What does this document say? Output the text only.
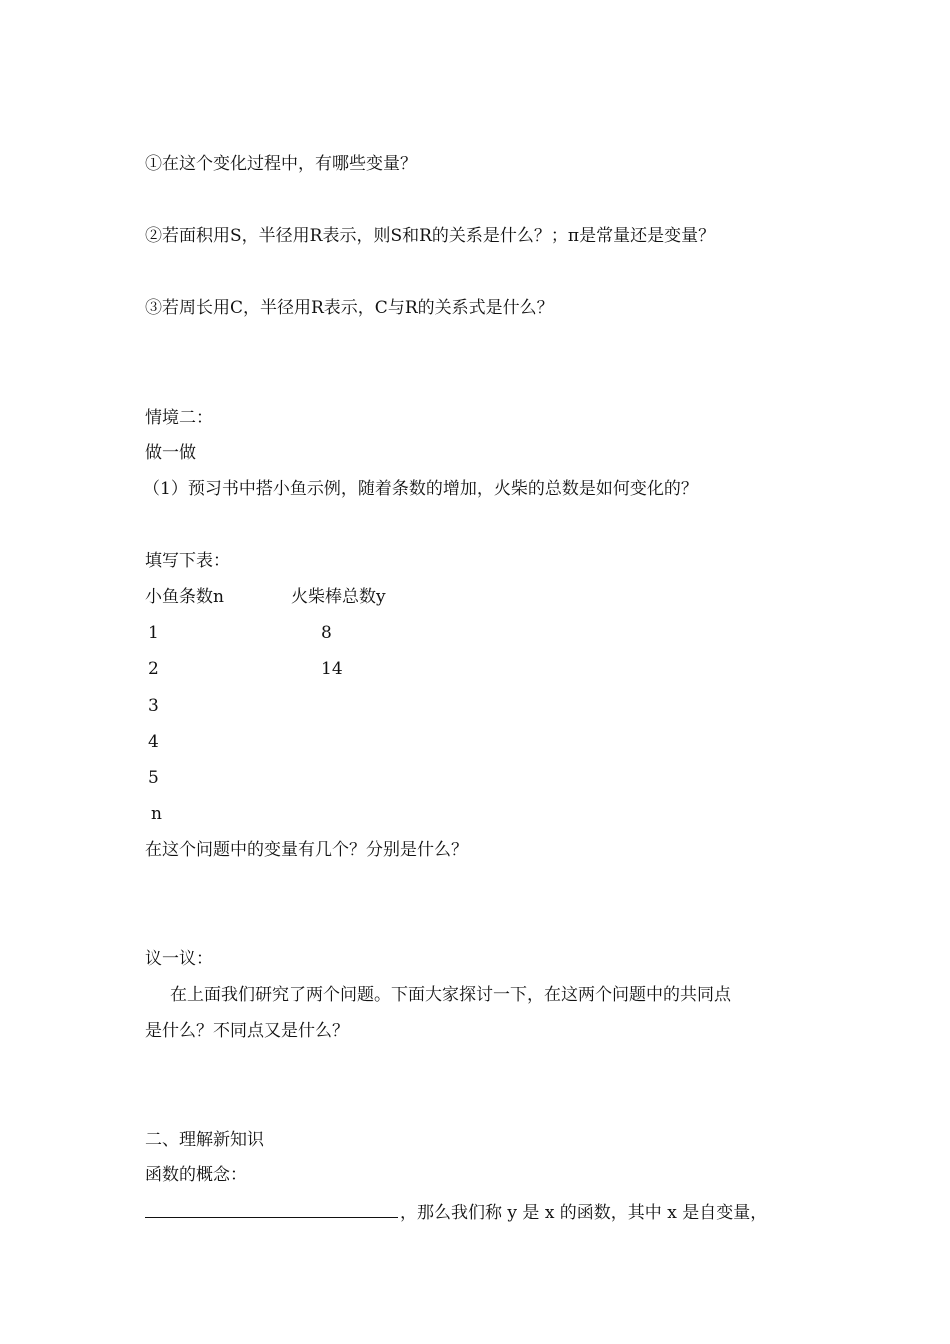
①在这个变化过程中，有哪些变量？
②若面积用S，半径用R表示，则S和R的关系是什么？；π是常量还是变量？
③若周长用C，半径用R表示，C与R的关系式是什么？
情境二：
做一做
（1）预习书中搭小鱼示例，随着条数的增加，火柴的总数是如何变化的？
填写下表：
小鱼条数n	火柴棒总数y
1	8
2	14
3
4
5
n
在这个问题中的变量有几个？分别是什么？
议一议：
在上面我们研究了两个问题。下面大家探讨一下，在这两个问题中的共同点
是什么？不同点又是什么？
二、理解新知识
函数的概念：
，那么我们称 y 是 x 的函数，其中 x 是自变量，
